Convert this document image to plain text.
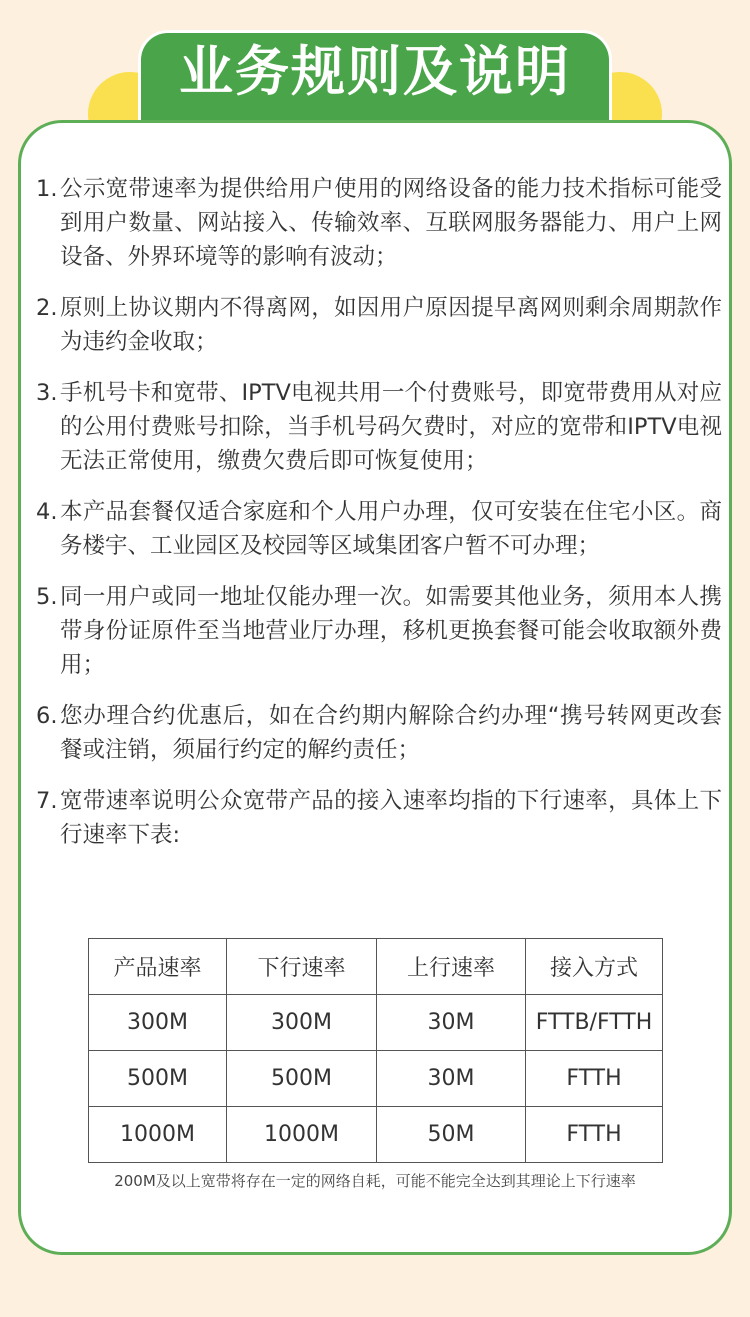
业务规则及说明
1. 公示宽带速率为提供给用户使用的网络设备的能力技术指标可能受到用户数量、网站接入、传输效率、互联网服务器能力、用户上网设备、外界环境等的影响有波动；
2. 原则上协议期内不得离网，如因用户原因提早离网则剩余周期款作为违约金收取；
3. 手机号卡和宽带、IPTV电视共用一个付费账号，即宽带费用从对应的公用付费账号扣除，当手机号码欠费时，对应的宽带和IPTV电视无法正常使用，缴费欠费后即可恢复使用；
4. 本产品套餐仅适合家庭和个人用户办理，仅可安装在住宅小区。商务楼宇、工业园区及校园等区域集团客户暂不可办理；
5. 同一用户或同一地址仅能办理一次。如需要其他业务，须用本人携带身份证原件至当地营业厅办理，移机更换套餐可能会收取额外费用；
6. 您办理合约优惠后，如在合约期内解除合约办理“携号转网更改套餐或注销，须届行约定的解约责任；
7. 宽带速率说明公众宽带产品的接入速率均指的下行速率，具体上下行速率下表:
产品速率	下行速率	上行速率	接入方式
300M	300M	30M	FTTB/FTTH
500M	500M	30M	FTTH
1000M	1000M	50M	FTTH
200M及以上宽带将存在一定的网络自耗，可能不能完全达到其理论上下行速率
